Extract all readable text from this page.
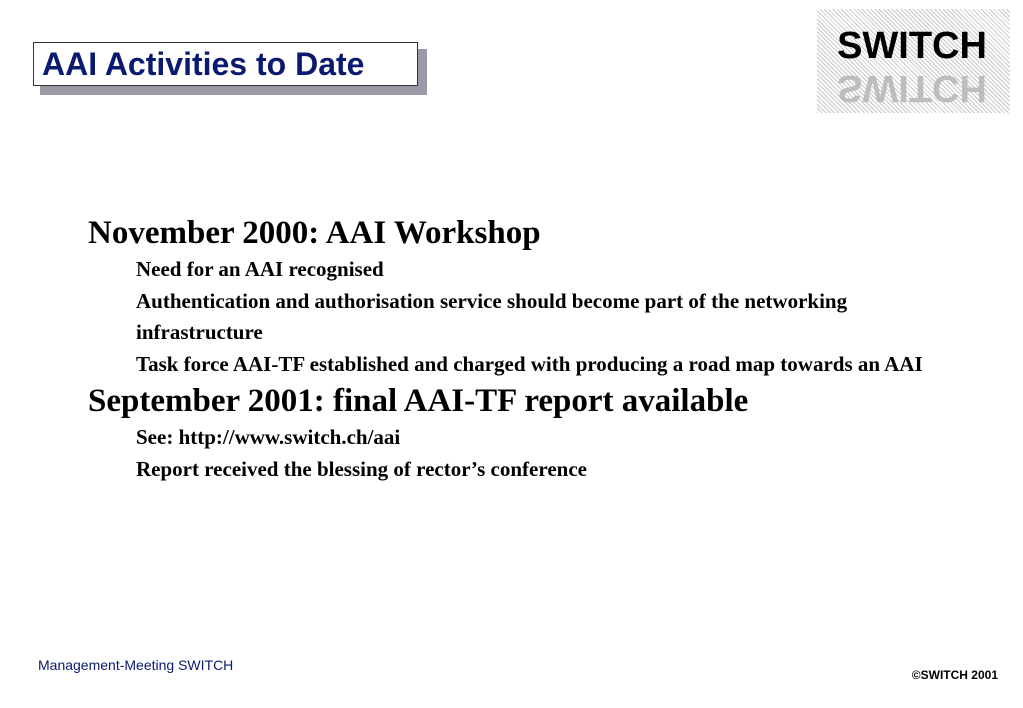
AAI Activities to Date
SWITCH
SWITCH
November 2000: AAI Workshop
Need for an AAI recognised
Authentication and authorisation service should become part of the networking infrastructure
Task force AAI-TF established and charged with producing a road map towards an AAI
September 2001: final AAI-TF report available
See: http://www.switch.ch/aai
Report received the blessing of rector’s conference
Management-Meeting SWITCH
©SWITCH 2001
